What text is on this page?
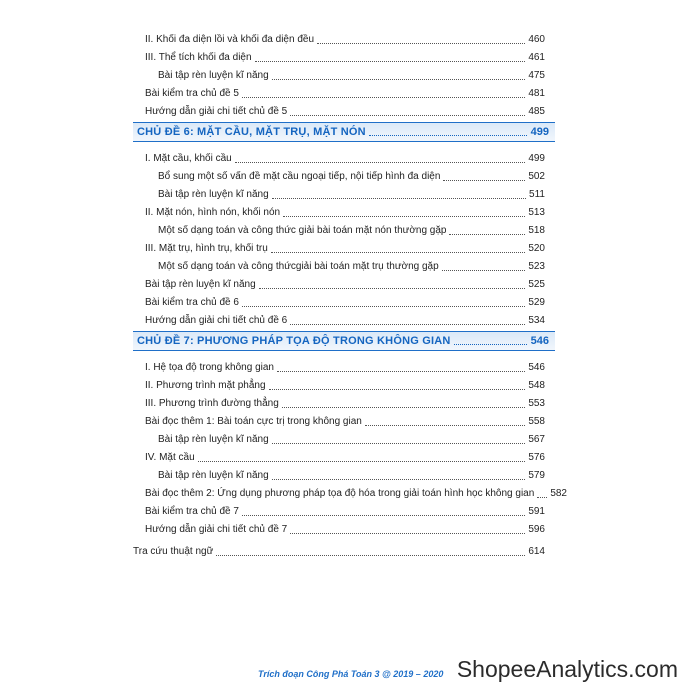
II. Khối đa diện lồi và khối đa diện đều	460
III. Thể tích khối đa diện	461
Bài tập rèn luyện kĩ năng	475
Bài kiểm tra chủ đề 5	481
Hướng dẫn giải chi tiết chủ đề 5	485
CHỦ ĐỀ 6: MẶT CẦU, MẶT TRỤ, MẶT NÓN	499
I. Mặt cầu, khối cầu	499
Bổ sung một số vấn đề mặt cầu ngoại tiếp, nội tiếp hình đa diện	502
Bài tập rèn luyện kĩ năng	511
II. Mặt nón, hình nón, khối nón	513
Một số dạng toán và công thức giải bài toán mặt nón thường gặp	518
III. Mặt trụ, hình trụ, khối trụ	520
Một số dạng toán và công thứcgiải bài toán mặt trụ thường gặp	523
Bài tập rèn luyện kĩ năng	525
Bài kiểm tra chủ đề 6	529
Hướng dẫn giải chi tiết chủ đề 6	534
CHỦ ĐỀ 7: PHƯƠNG PHÁP TỌA ĐỘ TRONG KHÔNG GIAN	546
I. Hệ tọa độ trong không gian	546
II. Phương trình mặt phẳng	548
III. Phương trình đường thẳng	553
Bài đọc thêm 1: Bài toán cực trị trong không gian	558
Bài tập rèn luyện kĩ năng	567
IV. Mặt cầu	576
Bài tập rèn luyện kĩ năng	579
Bài đọc thêm 2: Ứng dụng phương pháp tọa độ hóa trong giải toán hình học không gian	582
Bài kiểm tra chủ đề 7	591
Hướng dẫn giải chi tiết chủ đề 7	596
Tra cứu thuật ngữ	614
Trích đoạn Công Phá Toán 3 @ 2019 – 2020 ShopeeAnalytics.com
